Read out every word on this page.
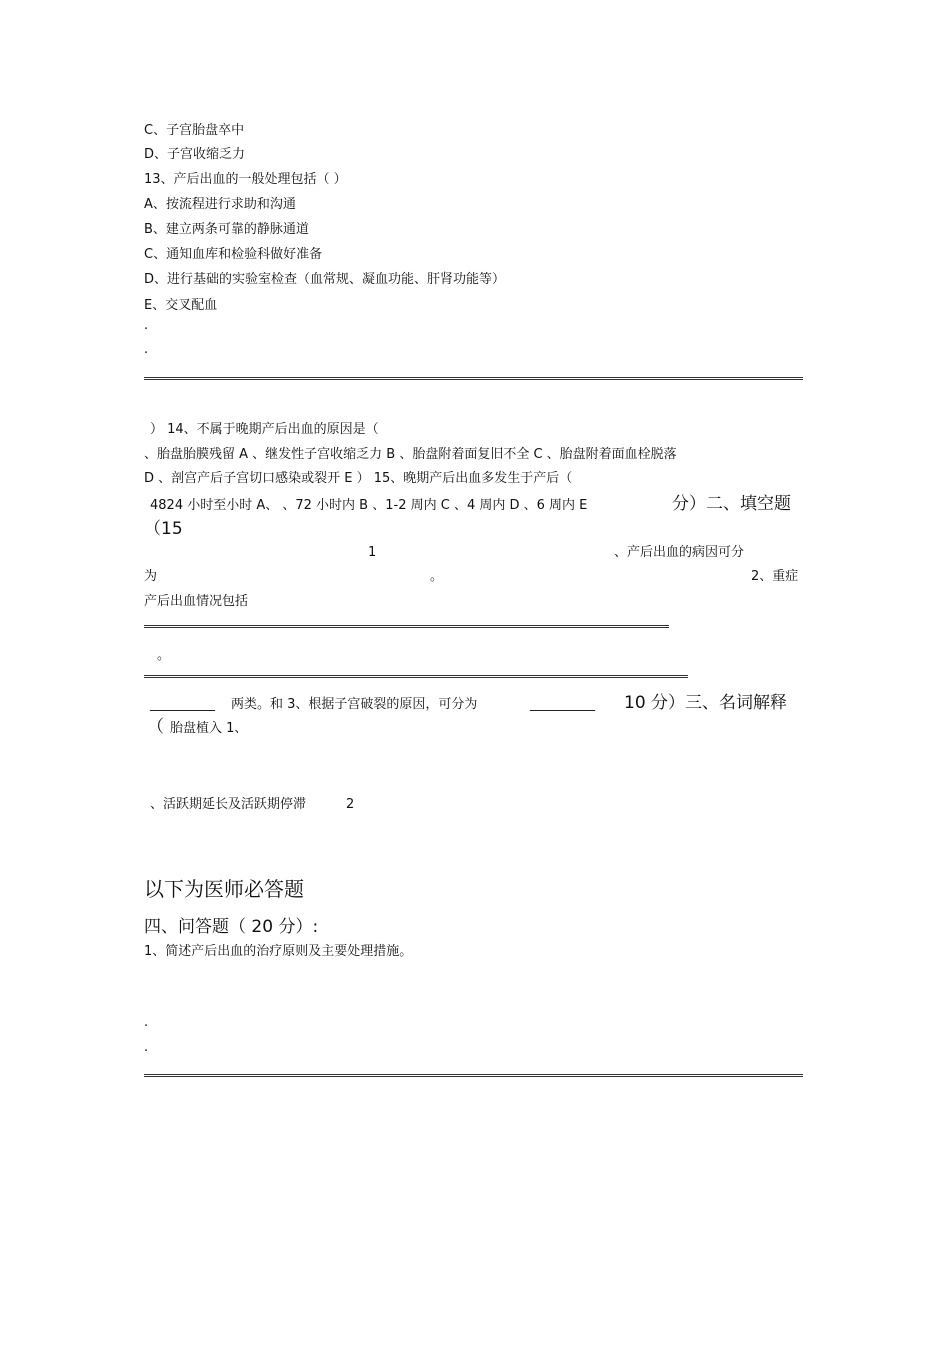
C、子宫胎盘卒中
D、子宫收缩乏力
13、产后出血的一般处理包括（ ）
A、按流程进行求助和沟通
B、建立两条可靠的静脉通道
C、通知血库和检验科做好准备
D、进行基础的实验室检查（血常规、凝血功能、肝肾功能等）
E、交叉配血
·
·
） 14、不属于晚期产后出血的原因是（
、胎盘胎膜残留 A 、继发性子宫收缩乏力 B 、胎盘附着面复旧不全 C 、胎盘附着面血栓脱落
D 、剖宫产后子宫切口感染或裂开 E ） 15、晚期产后出血多发生于产后（
4824 小时至小时 A、 、72 小时内 B 、1-2 周内 C 、4 周内 D 、6 周内 E	分）二、填空题
（15
1	、产后出血的病因可分
为	。	2、重症
产后出血情况包括
。
__________ 两类。和 3、根据子宫破裂的原因，可分为	__________ 10 分）三、名词解释
（ 胎盘植入 1、
、活跃期延长及活跃期停滞	2
以下为医师必答题
四、问答题（ 20 分）:
1、简述产后出血的治疗原则及主要处理措施。
·
·
